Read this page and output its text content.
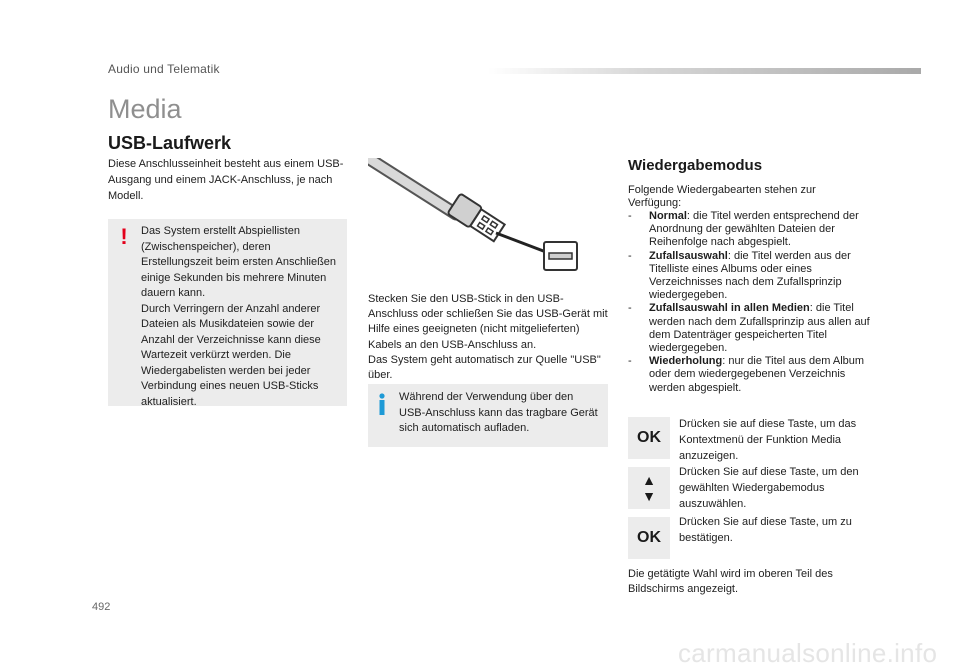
Audio und Telematik
Media
USB-Laufwerk
Diese Anschlusseinheit besteht aus einem USB-Ausgang und einem JACK-Anschluss, je nach Modell.
! Das System erstellt Abspiellisten (Zwischenspeicher), deren Erstellungszeit beim ersten Anschließen einige Sekunden bis mehrere Minuten dauern kann.
Durch Verringern der Anzahl anderer Dateien als Musikdateien sowie der Anzahl der Verzeichnisse kann diese Wartezeit verkürzt werden. Die Wiedergabelisten werden bei jeder Verbindung eines neuen USB-Sticks aktualisiert.
Stecken Sie den USB-Stick in den USB-Anschluss oder schließen Sie das USB-Gerät mit Hilfe eines geeigneten (nicht mitgelieferten) Kabels an den USB-Anschluss an.
Das System geht automatisch zur Quelle "USB" über.
Während der Verwendung über den USB-Anschluss kann das tragbare Gerät sich automatisch aufladen.
Wiedergabemodus
Folgende Wiedergabearten stehen zur Verfügung:
-	Normal: die Titel werden entsprechend der Anordnung der gewählten Dateien der Reihenfolge nach abgespielt.
-	Zufallsauswahl: die Titel werden aus der Titelliste eines Albums oder eines Verzeichnisses nach dem Zufallsprinzip wiedergegeben.
-	Zufallsauswahl in allen Medien: die Titel werden nach dem Zufallsprinzip aus allen auf dem Datenträger gespeicherten Titel wiedergegeben.
-	Wiederholung: nur die Titel aus dem Album oder dem wiedergegebenen Verzeichnis werden abgespielt.
OK
Drücken sie auf diese Taste, um das Kontextmenü der Funktion Media anzuzeigen.
▲
▼
Drücken Sie auf diese Taste, um den gewählten Wiedergabemodus auszuwählen.
OK
Drücken Sie auf diese Taste, um zu bestätigen.
Die getätigte Wahl wird im oberen Teil des Bildschirms angezeigt.
492
carmanualsonline.info
